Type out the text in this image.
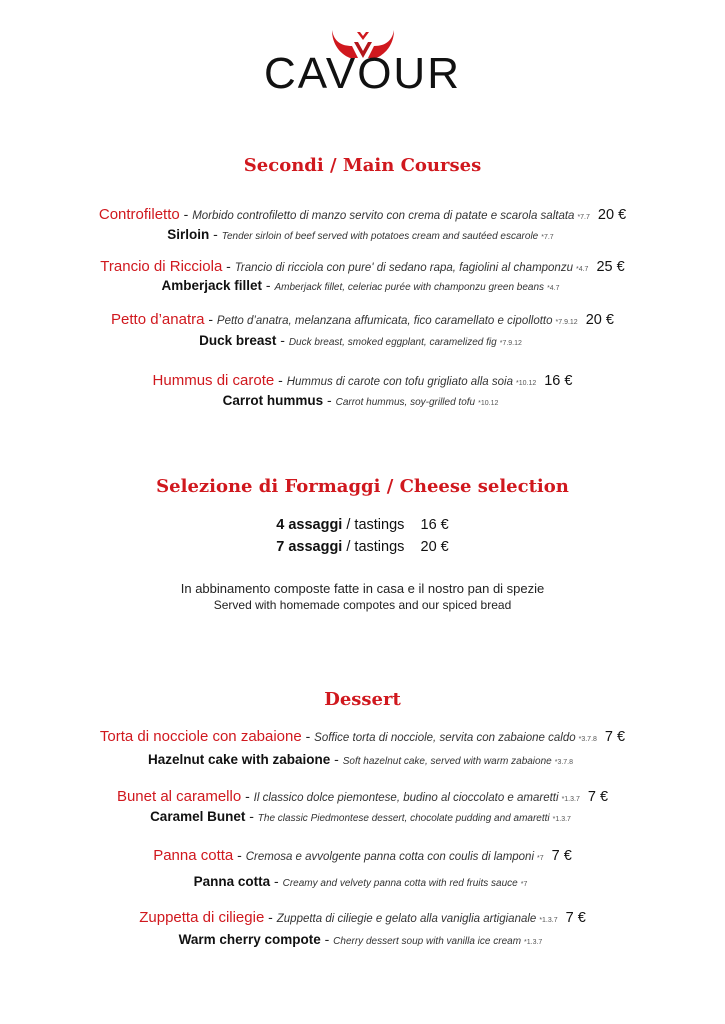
CAVOUR
Secondi / Main Courses
Controfiletto - Morbido controfiletto di manzo servito con crema di patate e scarola saltata *7.7 20 €
Sirloin - Tender sirloin of beef served with potatoes cream and sautéed escarole *7.7
Trancio di Ricciola - Trancio di ricciola con pure' di sedano rapa, fagiolini al champonzu *4.7 25 €
Amberjack fillet - Amberjack fillet, celeriac purée with champonzu green beans *4.7
Petto d’anatra - Petto d’anatra, melanzana affumicata, fico caramellato e cipollotto *7.9.12 20 €
Duck breast - Duck breast, smoked eggplant, caramelized fig *7.9.12
Hummus di carote - Hummus di carote con tofu grigliato alla soia *10.12 16 €
Carrot hummus - Carrot hummus, soy-grilled tofu *10.12
Selezione di Formaggi / Cheese selection
4 assaggi / tastings 16 €
7 assaggi / tastings 20 €
In abbinamento composte fatte in casa e il nostro pan di spezie
Served with homemade compotes and our spiced bread
Dessert
Torta di nocciole con zabaione - Soffice torta di nocciole, servita con zabaione caldo *3.7.8 7 €
Hazelnut cake with zabaione - Soft hazelnut cake, served with warm zabaione *3.7.8
Bunet al caramello - Il classico dolce piemontese, budino al cioccolato e amaretti *1.3.7 7 €
Caramel Bunet - The classic Piedmontese dessert, chocolate pudding and amaretti *1.3.7
Panna cotta - Cremosa e avvolgente panna cotta con coulis di lamponi *7 7 €
Panna cotta - Creamy and velvety panna cotta with red fruits sauce *7
Zuppetta di ciliegie - Zuppetta di ciliegie e gelato alla vaniglia artigianale *1.3.7 7 €
Warm cherry compote - Cherry dessert soup with vanilla ice cream *1.3.7
